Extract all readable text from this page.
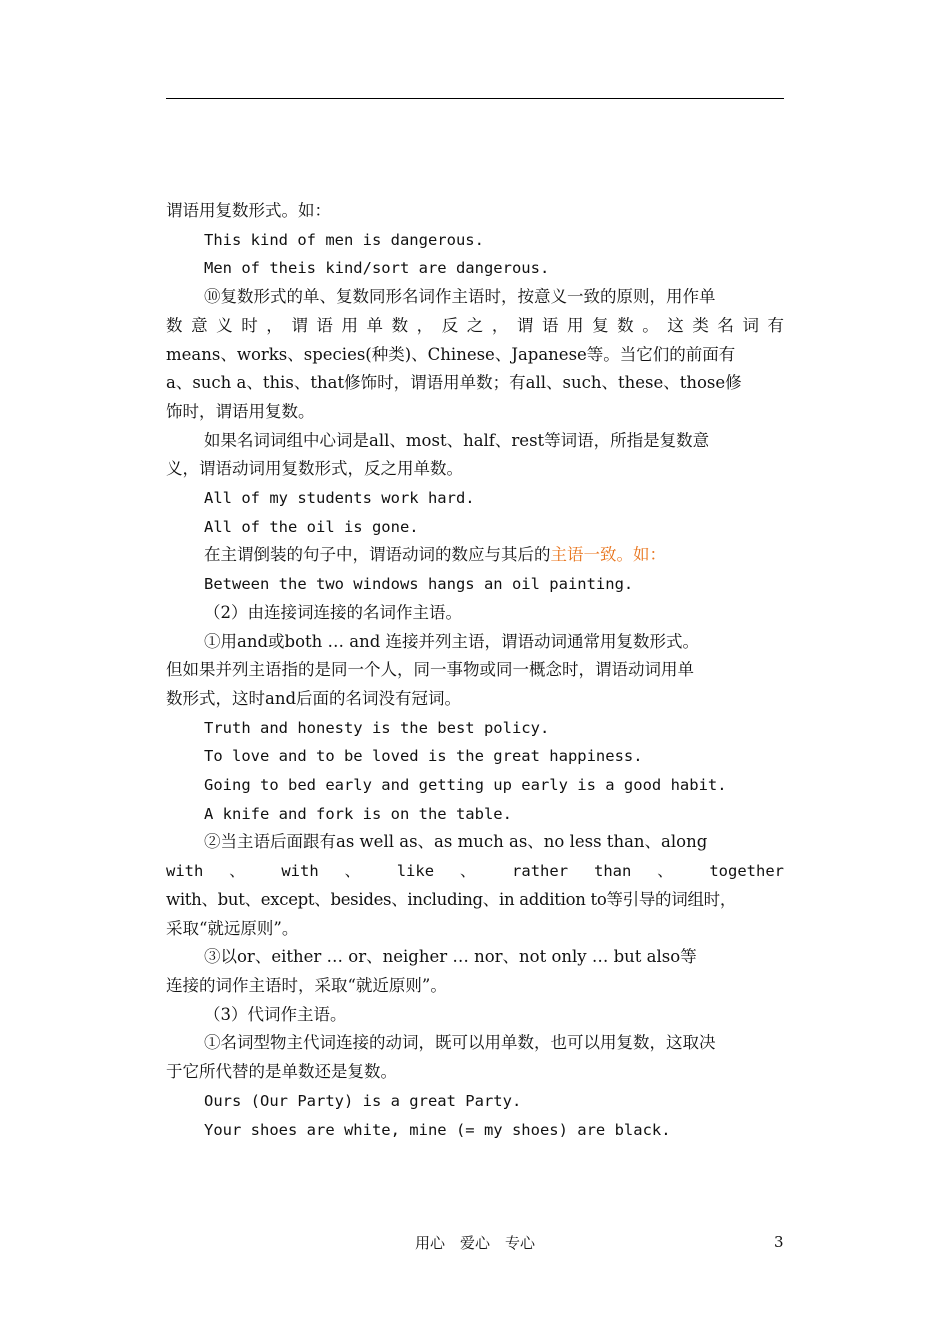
谓语用复数形式。如：

This kind of men is dangerous.

Men of theis kind/sort are dangerous.

⑩复数形式的单、复数同形名词作主语时，按意义一致的原则，用作单

数意义时，谓语用单数，反之，谓语用复数。这类名词有

means、works、species(种类)、Chinese、Japanese等。当它们的前面有

a、such a、this、that修饰时，谓语用单数；有all、such、these、those修

饰时，谓语用复数。

如果名词词组中心词是all、most、half、rest等词语，所指是复数意

义，谓语动词用复数形式，反之用单数。

All of my students work hard.

All of the oil is gone.

在主谓倒装的句子中，谓语动词的数应与其后的主语一致。如：

Between the two windows hangs an oil painting.

（2）由连接词连接的名词作主语。

①用and或both … and 连接并列主语，谓语动词通常用复数形式。

但如果并列主语指的是同一个人，同一事物或同一概念时，谓语动词用单

数形式，这时and后面的名词没有冠词。

Truth and honesty is the best policy.

To love and to be loved is the great happiness.

Going to bed early and getting up early is a good habit.

A knife and fork is on the table.

②当主语后面跟有as well as、as much as、no less than、along

with 、 with 、 like 、 rather than 、 together

with、but、except、besides、including、in addition to等引导的词组时，

采取“就远原则”。

③以or、either … or、neigher … nor、not only … but also等

连接的词作主语时，采取“就近原则”。

（3）代词作主语。

①名词型物主代词连接的动词，既可以用单数，也可以用复数，这取决

于它所代替的是单数还是复数。

Ours (Our Party) is a great Party.

Your shoes are white, mine (= my shoes) are black.

用心　爱心　专心	3
